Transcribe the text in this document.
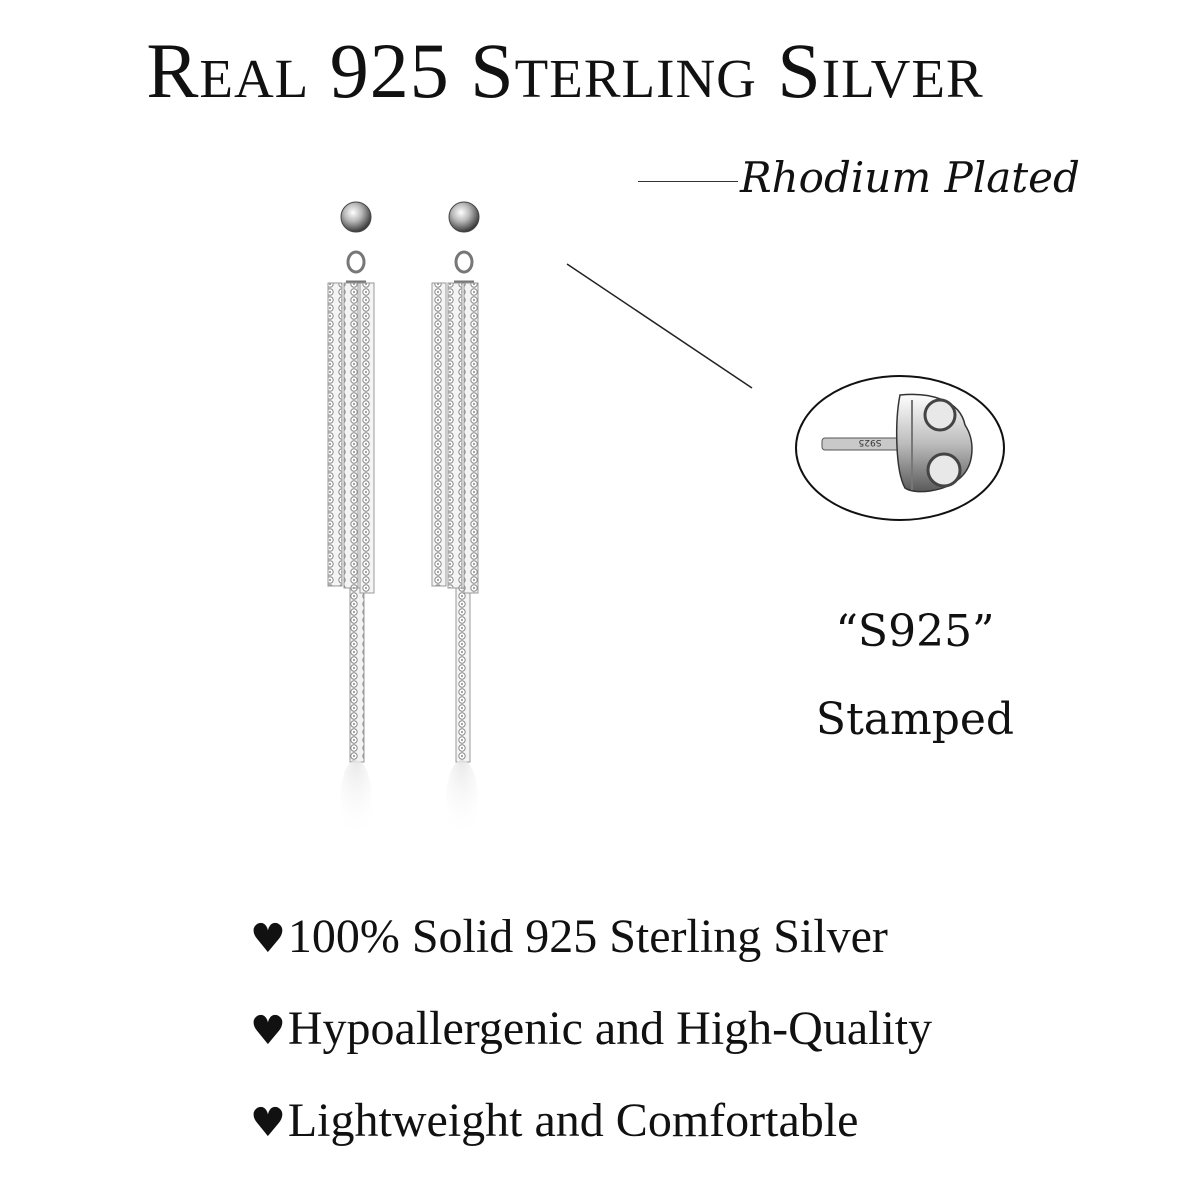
Real 925 Sterling Silver
Rhodium Plated
S925
“S925”
Stamped
♥100% Solid 925 Sterling Silver
♥Hypoallergenic and High-Quality
♥Lightweight and Comfortable
